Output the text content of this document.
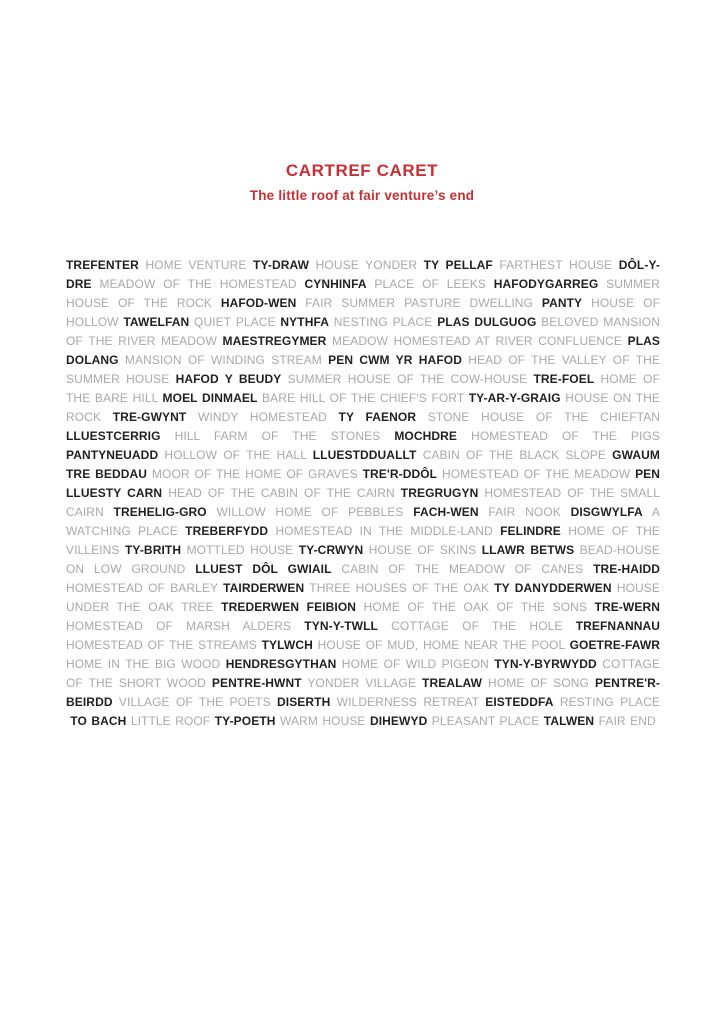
CARTREF CARET
The little roof at fair venture’s end

TREFENTER HOME VENTURE TY-DRAW HOUSE YONDER TY PELLAF FARTHEST HOUSE DÔL-Y-DRE MEADOW OF THE HOMESTEAD CYNHINFA PLACE OF LEEKS HAFODYGARREG SUMMER HOUSE OF THE ROCK HAFOD-WEN FAIR SUMMER PASTURE DWELLING PANTY HOUSE OF HOLLOW TAWELFAN QUIET PLACE NYTHFA NESTING PLACE PLAS DULGUOG BELOVED MANSION OF THE RIVER MEADOW MAESTREGYMER MEADOW HOMESTEAD AT RIVER CONFLUENCE PLAS DOLANG MANSION OF WINDING STREAM PEN CWM YR HAFOD HEAD OF THE VALLEY OF THE SUMMER HOUSE HAFOD Y BEUDY SUMMER HOUSE OF THE COW-HOUSE TRE-FOEL HOME OF THE BARE HILL MOEL DINMAEL BARE HILL OF THE CHIEF'S FORT TY-AR-Y-GRAIG HOUSE ON THE ROCK TRE-GWYNT WINDY HOMESTEAD TY FAENOR STONE HOUSE OF THE CHIEFTAN LLUESTCERRIG HILL FARM OF THE STONES MOCHDRE HOMESTEAD OF THE PIGS PANTYNEUADD HOLLOW OF THE HALL LLUESTDDUALLT CABIN OF THE BLACK SLOPE GWAUM TRE BEDDAU MOOR OF THE HOME OF GRAVES TRE'R-DDÔL HOMESTEAD OF THE MEADOW PEN LLUESTY CARN HEAD OF THE CABIN OF THE CAIRN TREGRUGYN HOMESTEAD OF THE SMALL CAIRN TREHELIG-GRO WILLOW HOME OF PEBBLES FACH-WEN FAIR NOOK DISGWYLFA A WATCHING PLACE TREBERFYDD HOMESTEAD IN THE MIDDLE-LAND FELINDRE HOME OF THE VILLEINS TY-BRITH MOTTLED HOUSE TY-CRWYN HOUSE OF SKINS LLAWR BETWS BEAD-HOUSE ON LOW GROUND LLUEST DÔL GWIAIL CABIN OF THE MEADOW OF CANES TRE-HAIDD HOMESTEAD OF BARLEY TAIRDERWEN THREE HOUSES OF THE OAK TY DANYDDERWEN HOUSE UNDER THE OAK TREE TREDERWEN FEIBION HOME OF THE OAK OF THE SONS TRE-WERN HOMESTEAD OF MARSH ALDERS TYN-Y-TWLL COTTAGE OF THE HOLE TREFNANNAU HOMESTEAD OF THE STREAMS TYLWCH HOUSE OF MUD, HOME NEAR THE POOL GOETRE-FAWR HOME IN THE BIG WOOD HENDRESGYTHAN HOME OF WILD PIGEON TYN-Y-BYRWYDD COTTAGE OF THE SHORT WOOD PENTRE-HWNT YONDER VILLAGE TREALAW HOME OF SONG PENTRE'R-BEIRDD VILLAGE OF THE POETS DISERTH WILDERNESS RETREAT EISTEDDFA RESTING PLACE TO BACH LITTLE ROOF TY-POETH WARM HOUSE DIHEWYD PLEASANT PLACE TALWEN FAIR END
